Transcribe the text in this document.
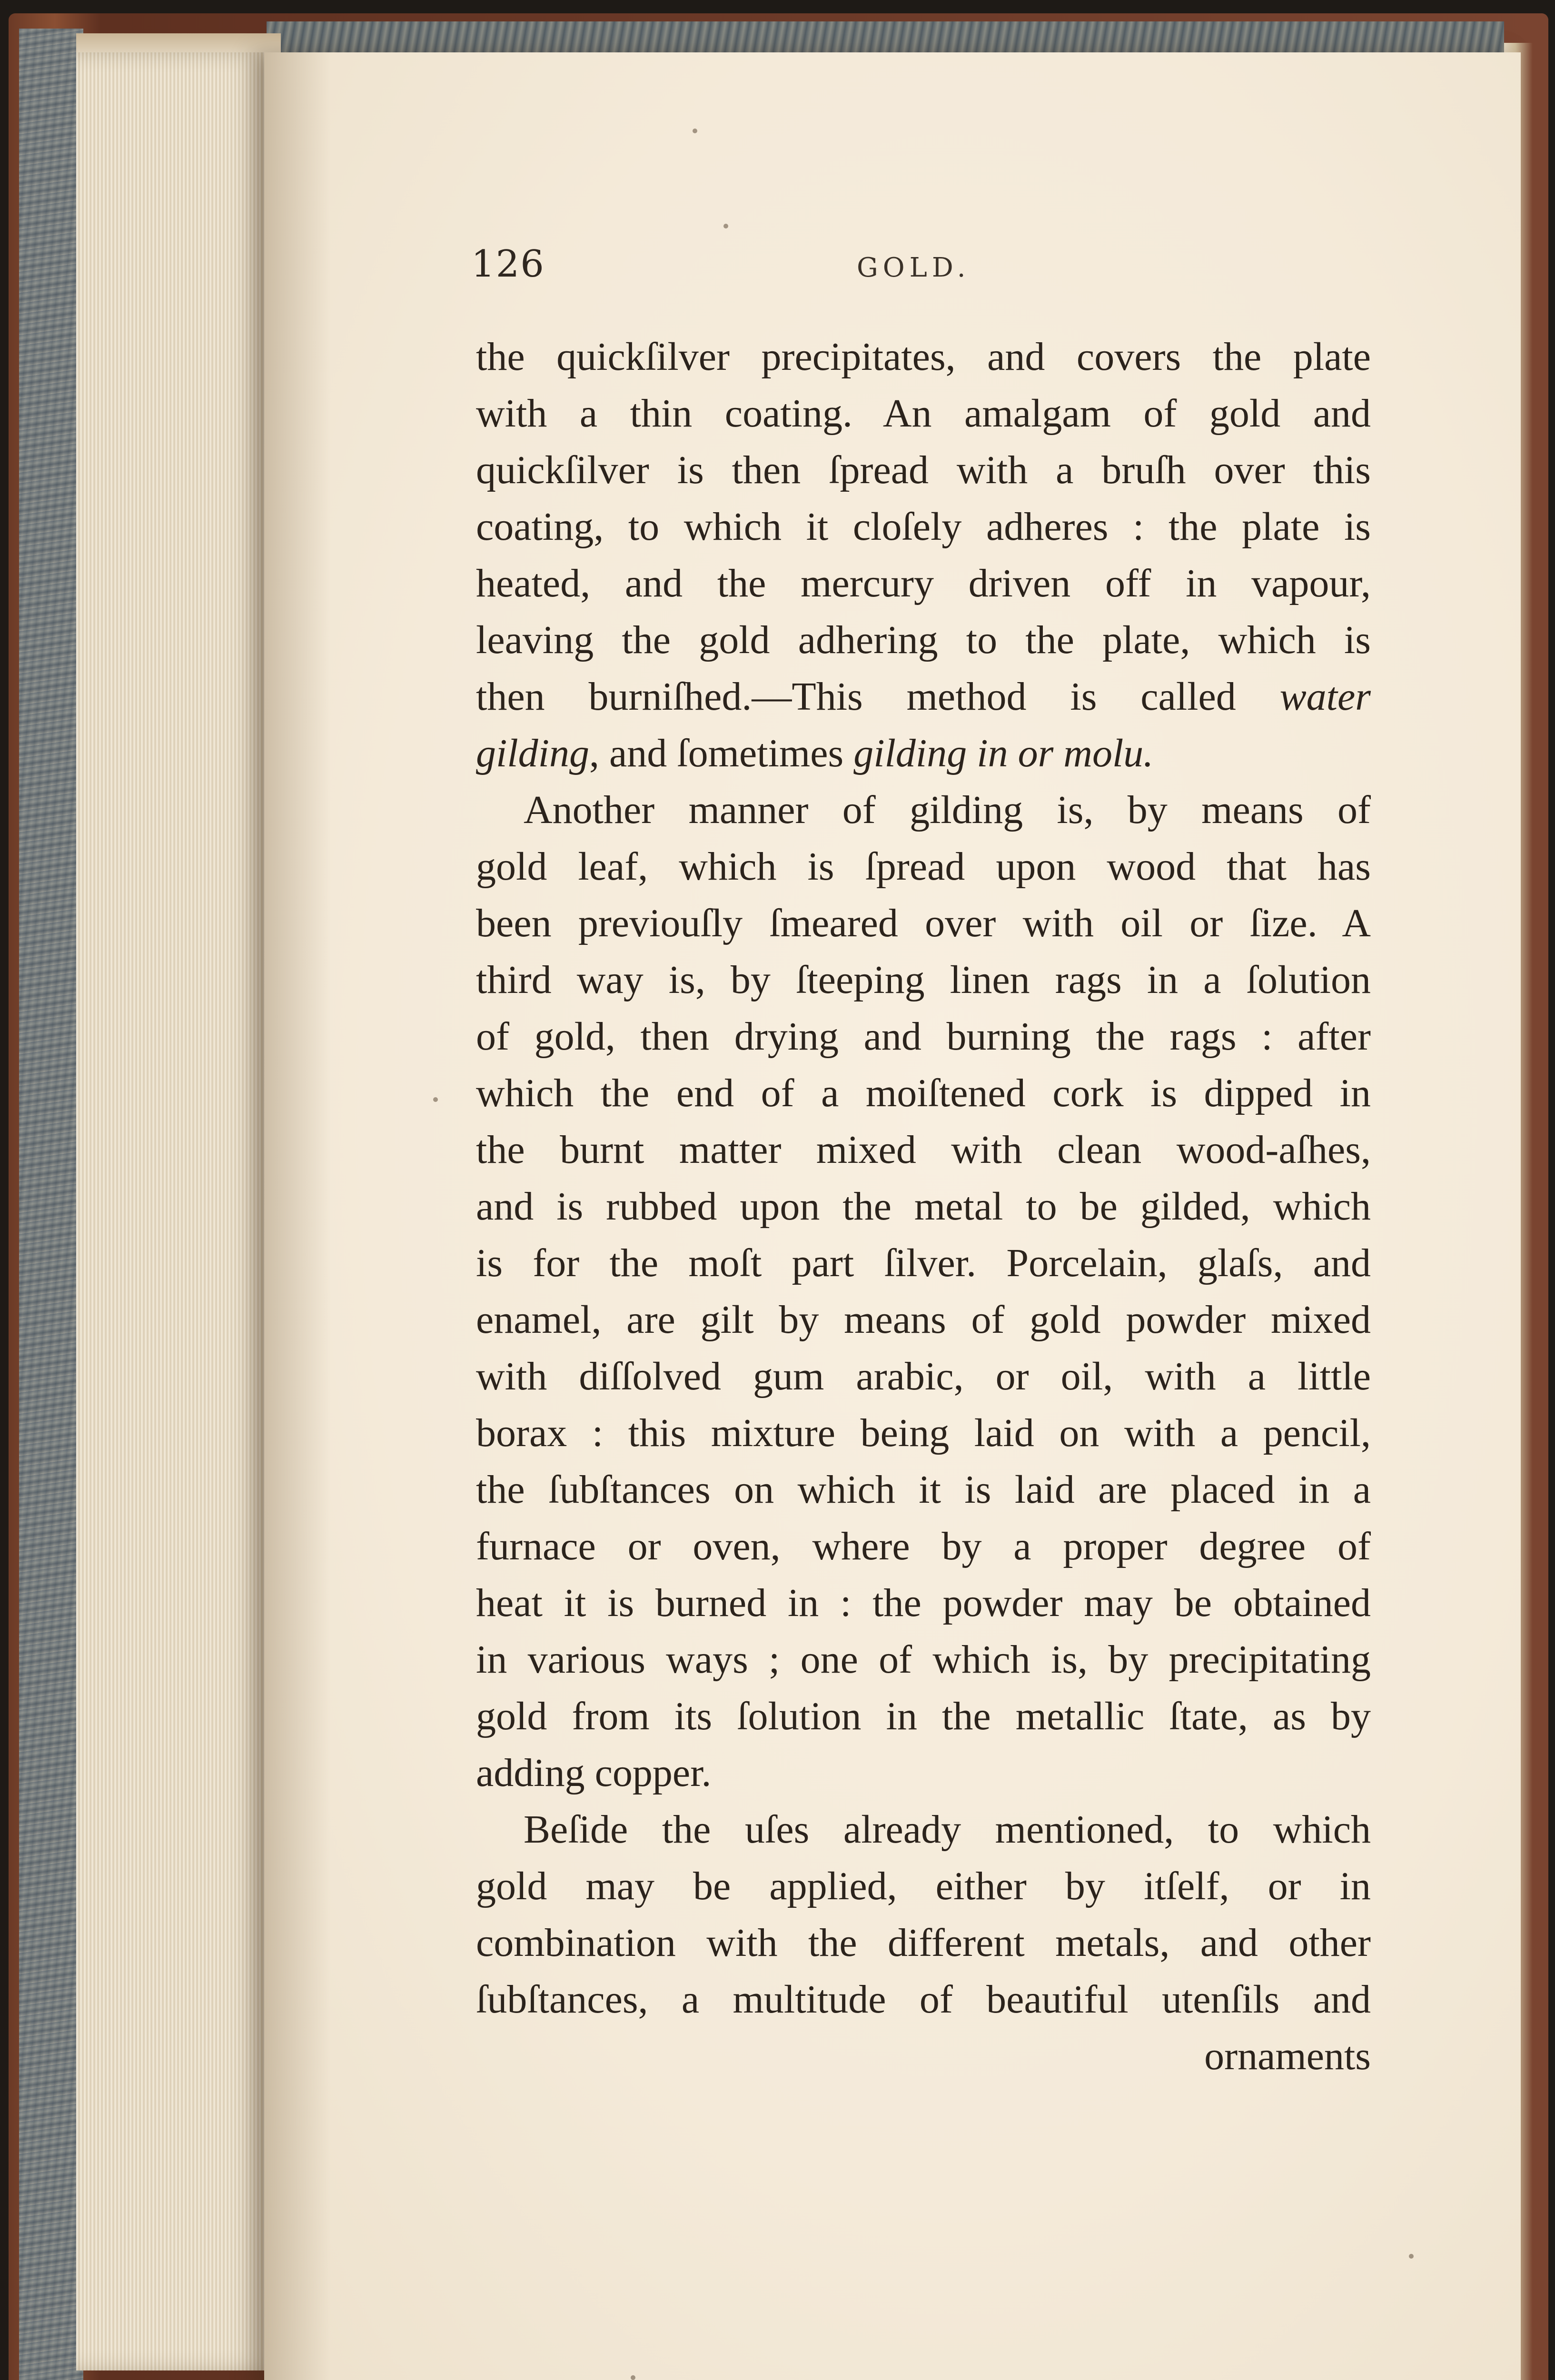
126	GOLD.
the quickſilver precipitates, and covers the plate
with a thin coating. An amalgam of gold and
quickſilver is then ſpread with a bruſh over this
coating, to which it cloſely adheres : the plate is
heated, and the mercury driven off in vapour,
leaving the gold adhering to the plate, which is
then burniſhed.—This method is called water
gilding, and ſometimes gilding in or molu.
Another manner of gilding is, by means of
gold leaf, which is ſpread upon wood that has
been previouſly ſmeared over with oil or ſize. A
third way is, by ſteeping linen rags in a ſolution
of gold, then drying and burning the rags : after
which the end of a moiſtened cork is dipped in
the burnt matter mixed with clean wood-aſhes,
and is rubbed upon the metal to be gilded, which
is for the moſt part ſilver. Porcelain, glaſs, and
enamel, are gilt by means of gold powder mixed
with diſſolved gum arabic, or oil, with a little
borax : this mixture being laid on with a pencil,
the ſubſtances on which it is laid are placed in a
furnace or oven, where by a proper degree of
heat it is burned in : the powder may be obtained
in various ways ; one of which is, by precipitating
gold from its ſolution in the metallic ſtate, as by
adding copper.
Beſide the uſes already mentioned, to which
gold may be applied, either by itſelf, or in
combination with the different metals, and other
ſubſtances, a multitude of beautiful utenſils and
ornaments
